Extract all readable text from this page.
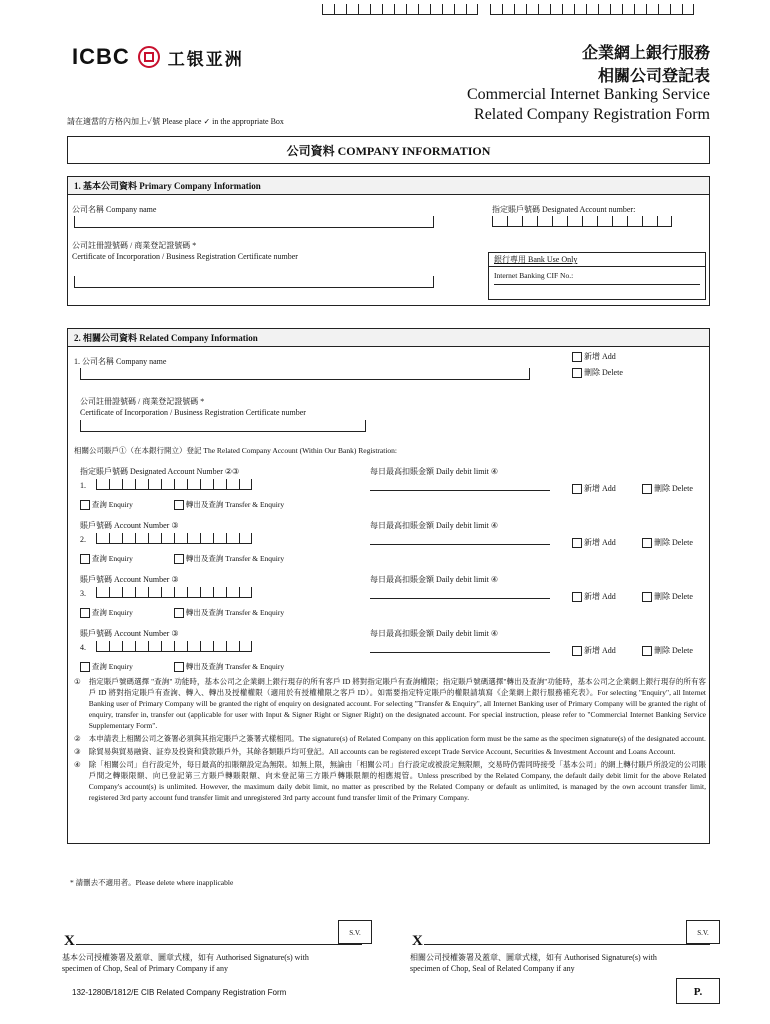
ICBC 工银亚洲	企業網上銀行服務
相關公司登記表
Commercial Internet Banking Service
Related Company Registration Form
請在適當的方格內加上✓號 Please place ✓ in the appropriate Box
公司資料 COMPANY INFORMATION
1. 基本公司資料 Primary Company Information
公司名稱 Company name	指定賬戶號碼 Designated Account number:
公司註冊證號碼 / 商業登記證號碼 *
Certificate of Incorporation / Business Registration Certificate number	銀行專用 Bank Use Only
Internet Banking CIF No.:
2. 相關公司資料 Related Company Information
1. 公司名稱 Company name
新增 Add
刪除 Delete
公司註冊證號碼 / 商業登記證號碼 *
Certificate of Incorporation / Business Registration Certificate number
相關公司賬戶①（在本銀行開立）登記 The Related Company Account (Within Our Bank) Registration:
指定賬戶號碼 Designated Account Number ②③
1.
每日最高扣賬金額 Daily debit limit ④
新增 Add	刪除 Delete
查詢 Enquiry	轉出及查詢 Transfer & Enquiry
賬戶號碼 Account Number ③
2.
每日最高扣賬金額 Daily debit limit ④
新增 Add	刪除 Delete
查詢 Enquiry	轉出及查詢 Transfer & Enquiry
賬戶號碼 Account Number ③
3.
每日最高扣賬金額 Daily debit limit ④
新增 Add	刪除 Delete
查詢 Enquiry	轉出及查詢 Transfer & Enquiry
賬戶號碼 Account Number ③
4.
每日最高扣賬金額 Daily debit limit ④
新增 Add	刪除 Delete
查詢 Enquiry	轉出及查詢 Transfer & Enquiry
① 指定賬戶號碼選擇 "查詢" 功能時，基本公司之企業網上銀行現存的所有客戶 ID 將對指定賬戶有查詢權限；指定賬戶號碼選擇"轉出及查詢"功能時，基本公司之企業網上銀行現存的所有客戶 ID 將對指定賬戶有查詢、轉入、轉出及授權權限（適用於有授權權限之客戶 ID）。如需要指定特定賬戶的權限請填寫《企業網上銀行服務補充表》。For selecting "Enquiry", all Internet Banking user of Primary Company will be granted the right of enquiry on designated account. For selecting "Transfer & Enquiry", all Internet Banking user of Primary Company will be granted the right of enquiry, transfer in, transfer out (applicable for user with Input & Signer Right or Signer Right) on the designated account. For special instruction, please refer to "Commercial Internet Banking Service Supplementary Form".
② 本申請表上相關公司之簽署必須與其指定賬戶之簽署式樣相同。The signature(s) of Related Company on this application form must be the same as the specimen signature(s) of the designated account.
③ 除貿易與貿易融資、証券及投資和貸款賬戶外，其餘各類賬戶均可登記。All accounts can be registered except Trade Service Account, Securities & Investment Account and Loans Account.
④ 除「相關公司」自行設定外，每日最高的扣賬額設定為無限。如無上限，無論由「相關公司」自行設定或被設定無限額，交易時仍需同時接受「基本公司」的網上轉付賬戶所設定的公司賬戶間之轉賬限額、向已登記第三方賬戶轉賬限額、向未登記第三方賬戶轉賬限額的相應規管。Unless prescribed by the Related Company, the default daily debit limit for the above Related Company's account(s) is unlimited. However, the maximum daily debit limit, no matter as prescribed by the Related Company or default as unlimited, is managed by the own account transfer limit, registered 3rd party account fund transfer limit and unregistered 3rd party account fund transfer limit of the Primary Company.
* 請刪去不適用者。Please delete where inapplicable
X	S.V.
基本公司授權簽署及蓋章、圖章式樣，如有 Authorised Signature(s) with
specimen of Chop, Seal of Primary Company if any
X	S.V.
相關公司授權簽署及蓋章、圖章式樣，如有 Authorised Signature(s) with
specimen of Chop, Seal of Related Company if any
132-1280B/1812/E CIB Related Company Registration Form	P.
